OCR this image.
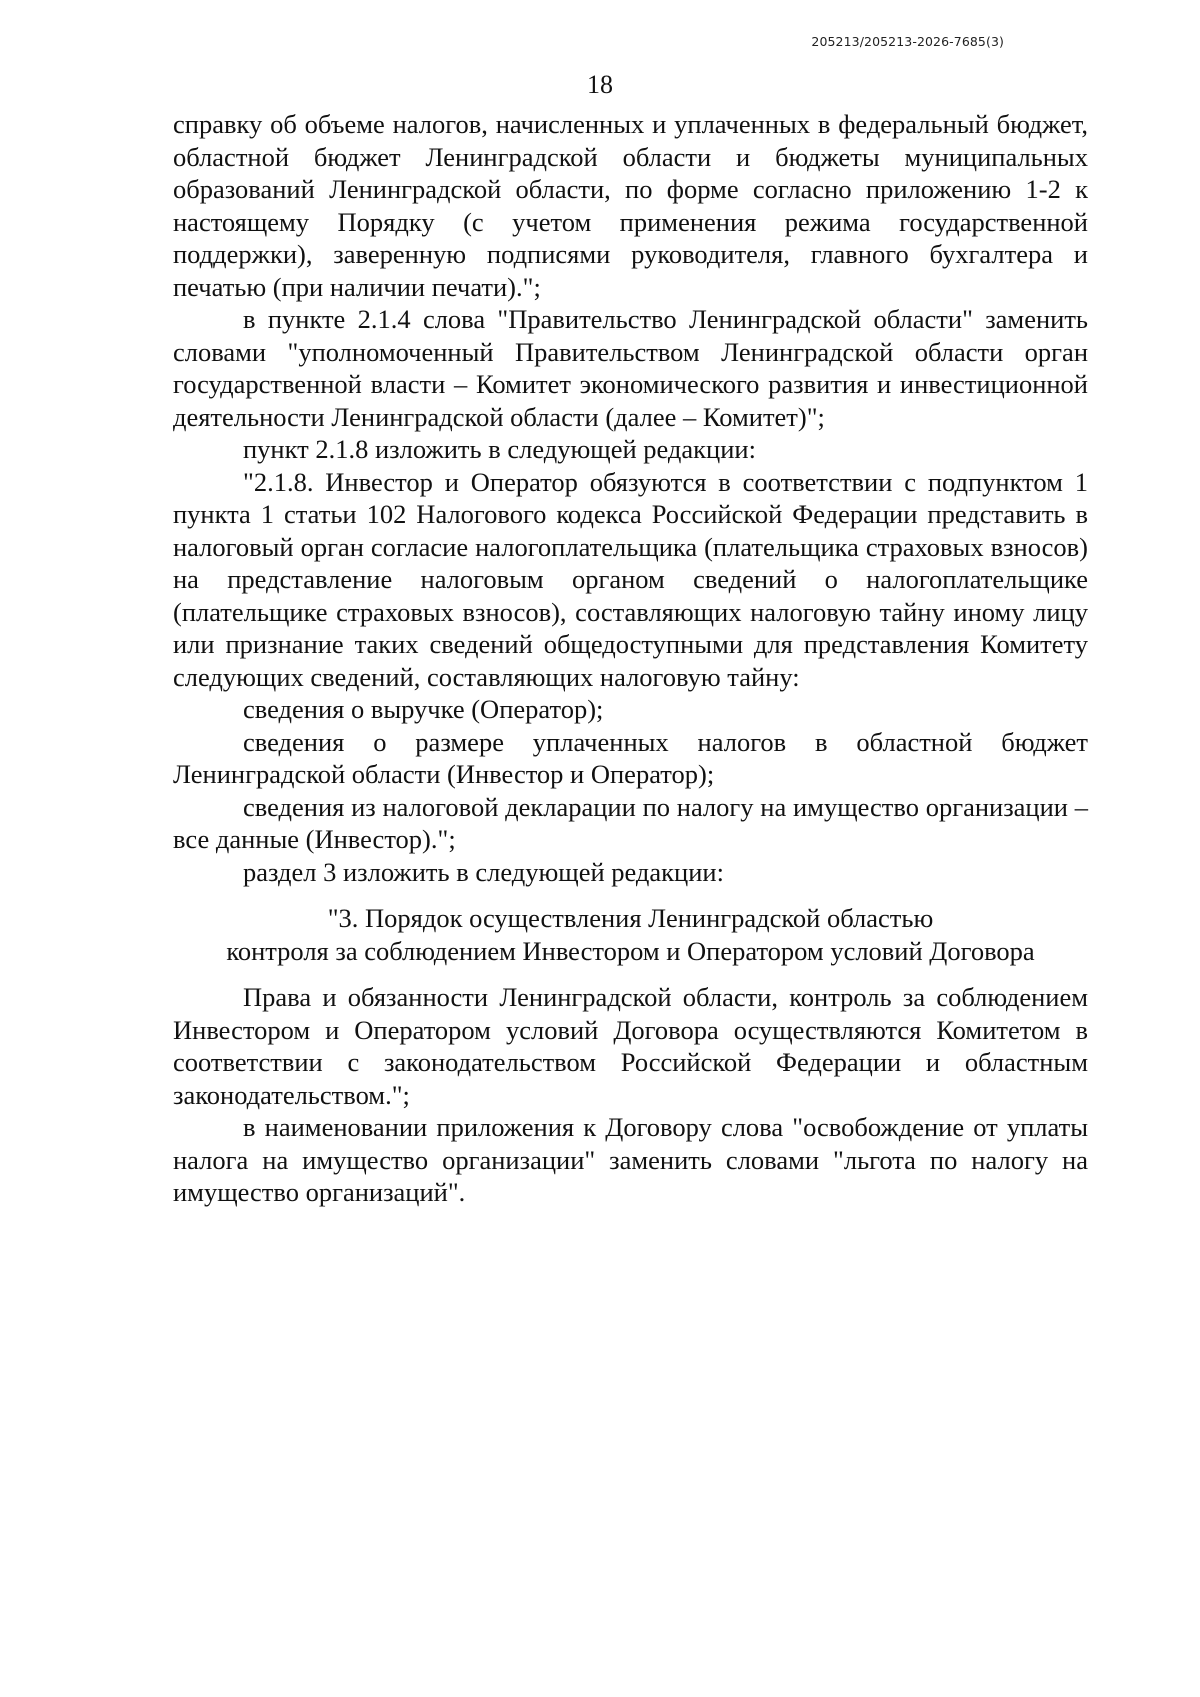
205213/205213-2026-7685(3)
18

справку об объеме налогов, начисленных и уплаченных в федеральный бюджет, областной бюджет Ленинградской области и бюджеты муниципальных образований Ленинградской области, по форме согласно приложению 1-2 к настоящему Порядку (с учетом применения режима государственной поддержки), заверенную подписями руководителя, главного бухгалтера и печатью (при наличии печати).";

в пункте 2.1.4 слова "Правительство Ленинградской области" заменить словами "уполномоченный Правительством Ленинградской области орган государственной власти – Комитет экономического развития и инвестиционной деятельности Ленинградской области (далее – Комитет)";

пункт 2.1.8 изложить в следующей редакции:

"2.1.8. Инвестор и Оператор обязуются в соответствии с подпунктом 1 пункта 1 статьи 102 Налогового кодекса Российской Федерации представить в налоговый орган согласие налогоплательщика (плательщика страховых взносов) на представление налоговым органом сведений о налогоплательщике (плательщике страховых взносов), составляющих налоговую тайну иному лицу или признание таких сведений общедоступными для представления Комитету следующих сведений, составляющих налоговую тайну:

сведения о выручке (Оператор);

сведения о размере уплаченных налогов в областной бюджет Ленинградской области (Инвестор и Оператор);

сведения из налоговой декларации по налогу на имущество организации – все данные (Инвестор).";

раздел 3 изложить в следующей редакции:

"3. Порядок осуществления Ленинградской областью
контроля за соблюдением Инвестором и Оператором условий Договора

Права и обязанности Ленинградской области, контроль за соблюдением Инвестором и Оператором условий Договора осуществляются Комитетом в соответствии с законодательством Российской Федерации и областным законодательством.";

в наименовании приложения к Договору слова "освобождение от уплаты налога на имущество организации" заменить словами "льгота по налогу на имущество организаций".
